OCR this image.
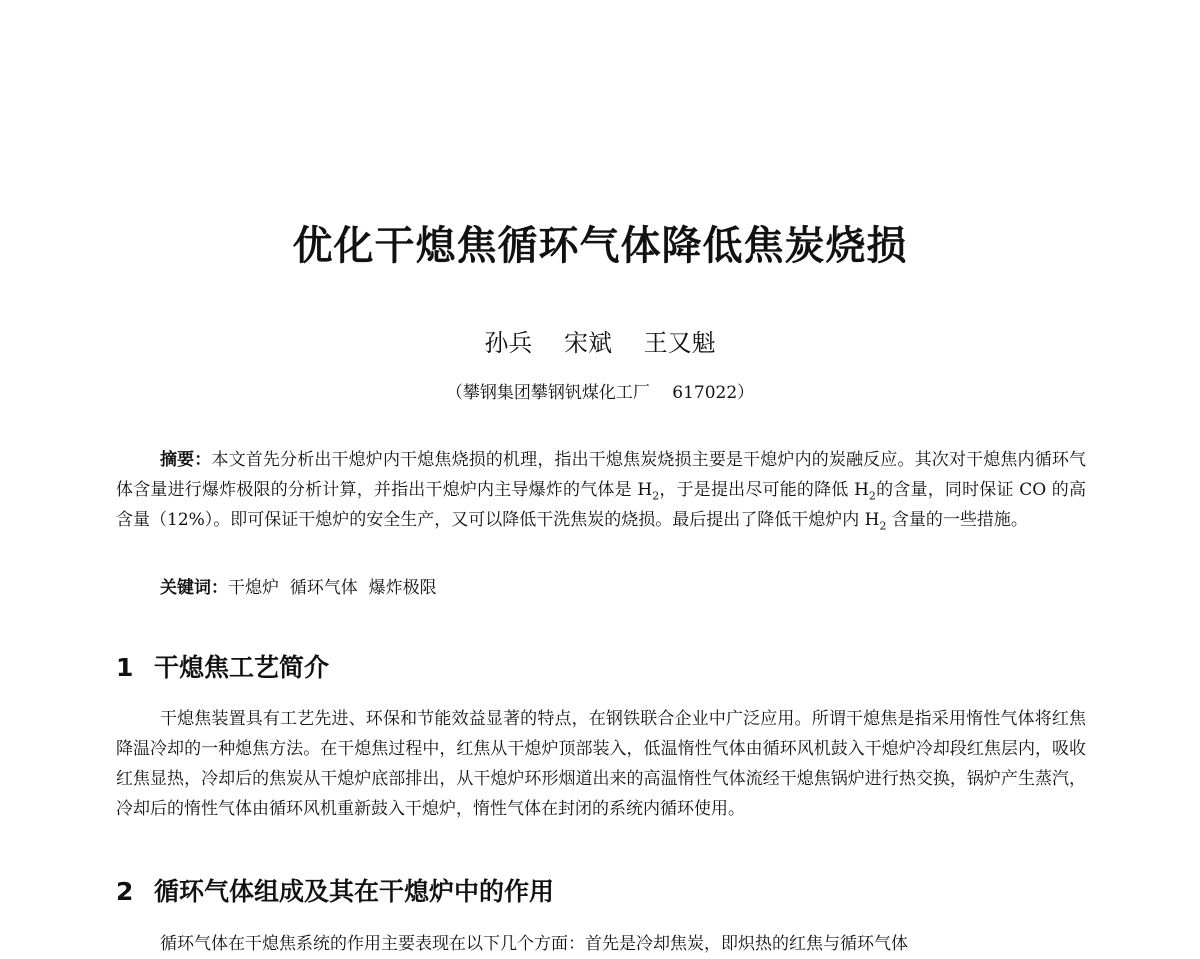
优化干熄焦循环气体降低焦炭烧损
孙兵 宋斌 王又魁
（攀钢集团攀钢钒煤化工厂　 617022）
摘要：本文首先分析出干熄炉内干熄焦烧损的机理，指出干熄焦炭烧损主要是干熄炉内的炭融反应。其次对干熄焦内循环气体含量进行爆炸极限的分析计算，并指出干熄炉内主导爆炸的气体是 $H_2$，于是提出尽可能的降低 $H_2$的含量，同时保证 CO 的高含量（12%）。即可保证干熄炉的安全生产，又可以降低干洗焦炭的烧损。最后提出了降低干熄炉内 $H_2$ 含量的一些措施。
关键词：干熄炉  循环气体  爆炸极限
1 干熄焦工艺简介
干熄焦装置具有工艺先进、环保和节能效益显著的特点，在钢铁联合企业中广泛应用。所谓干熄焦是指采用惰性气体将红焦降温冷却的一种熄焦方法。在干熄焦过程中，红焦从干熄炉顶部装入，低温惰性气体由循环风机鼓入干熄炉冷却段红焦层内，吸收红焦显热，冷却后的焦炭从干熄炉底部排出，从干熄炉环形烟道出来的高温惰性气体流经干熄焦锅炉进行热交换，锅炉产生蒸汽，冷却后的惰性气体由循环风机重新鼓入干熄炉，惰性气体在封闭的系统内循环使用。
2 循环气体组成及其在干熄炉中的作用
循环气体在干熄焦系统的作用主要表现在以下几个方面：首先是冷却焦炭，即炽热的红焦与循环气体
